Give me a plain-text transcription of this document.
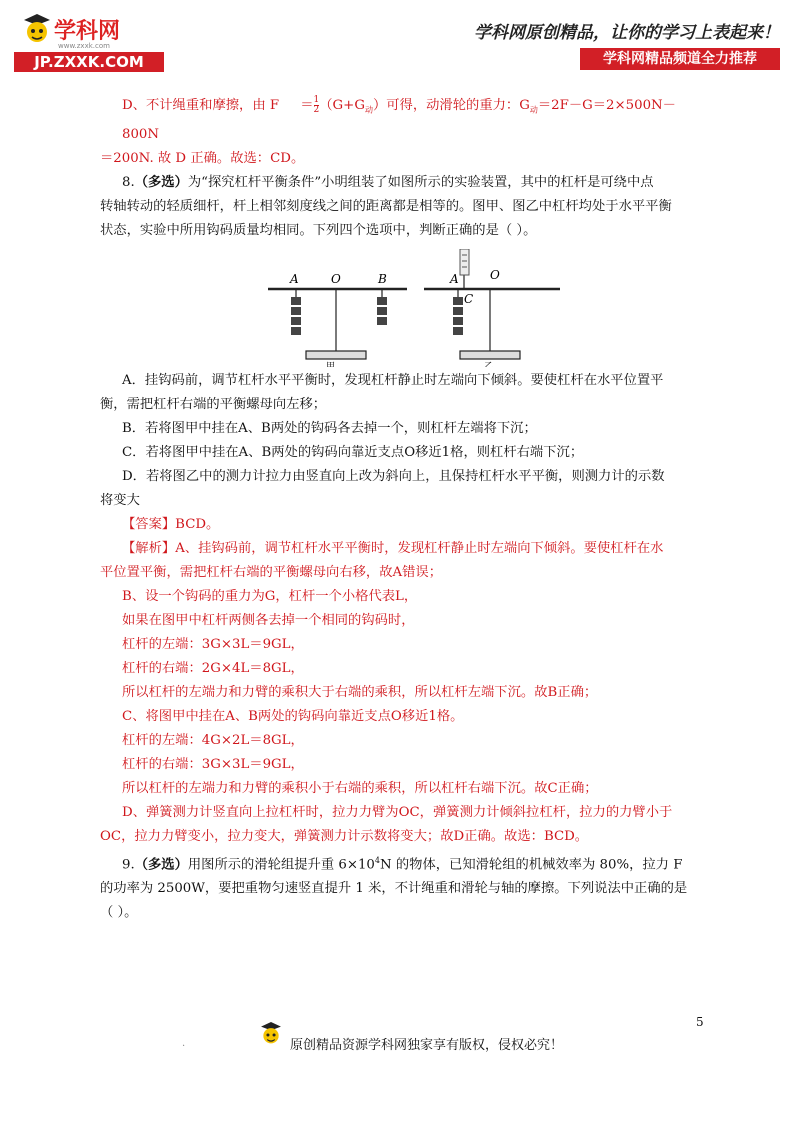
学科网
www.zxxk.com
JP.ZXXK.COM
学科网原创精品，让你的学习上表起来！
学科网精品频道全力推荐

D、不计绳重和摩擦，由 $F = \frac{1}{2} (G+G_动)$可得，动滑轮的重力：$G_动=2F-G=2\times 500N-800N$

＝200N. 故 D 正确。故选：CD。

8.（多选）为“探究杠杆平衡条件”小明组装了如图所示的实验装置，其中的杠杆是可绕中点

转轴转动的轻质细杆，杆上相邻刻度线之间的距离都是相等的。图甲、图乙中杠杆均处于水平平衡

状态，实验中所用钩码质量均相同。下列四个选项中，判断正确的是（ ）。

A	O	B
甲
A	O
C
乙

A．挂钩码前，调节杠杆水平平衡时，发现杠杆静止时左端向下倾斜。要使杠杆在水平位置平

衡，需把杠杆右端的平衡螺母向左移；

B．若将图甲中挂在A、B两处的钩码各去掉一个，则杠杆左端将下沉；

C．若将图甲中挂在A、B两处的钩码向靠近支点O移近1格，则杠杆右端下沉；

D．若将图乙中的测力计拉力由竖直向上改为斜向上，且保持杠杆水平平衡，则测力计的示数

将变大

【答案】BCD。

【解析】A、挂钩码前，调节杠杆水平平衡时，发现杠杆静止时左端向下倾斜。要使杠杆在水

平位置平衡，需把杠杆右端的平衡螺母向右移，故A错误；

B、设一个钩码的重力为G，杠杆一个小格代表L，

如果在图甲中杠杆两侧各去掉一个相同的钩码时，

杠杆的左端：3G×3L＝9GL，

杠杆的右端：2G×4L＝8GL，

所以杠杆的左端力和力臂的乘积大于右端的乘积，所以杠杆左端下沉。故B正确；

C、将图甲中挂在A、B两处的钩码向靠近支点O移近1格。

杠杆的左端：4G×2L＝8GL，

杠杆的右端：3G×3L＝9GL，

所以杠杆的左端力和力臂的乘积小于右端的乘积，所以杠杆右端下沉。故C正确；

D、弹簧测力计竖直向上拉杠杆时，拉力力臂为OC，弹簧测力计倾斜拉杠杆，拉力的力臂小于

OC，拉力力臂变小，拉力变大，弹簧测力计示数将变大；故D正确。故选：BCD。

9.（多选）用图所示的滑轮组提升重 $6\times 10^4N$ 的物体，已知滑轮组的机械效率为 80%，拉力 F

的功率为 2500W，要把重物匀速竖直提升 1 米，不计绳重和滑轮与轴的摩擦。下列说法中正确的是

（ ）。

5
.	原创精品资源学科网独家享有版权，侵权必究！
